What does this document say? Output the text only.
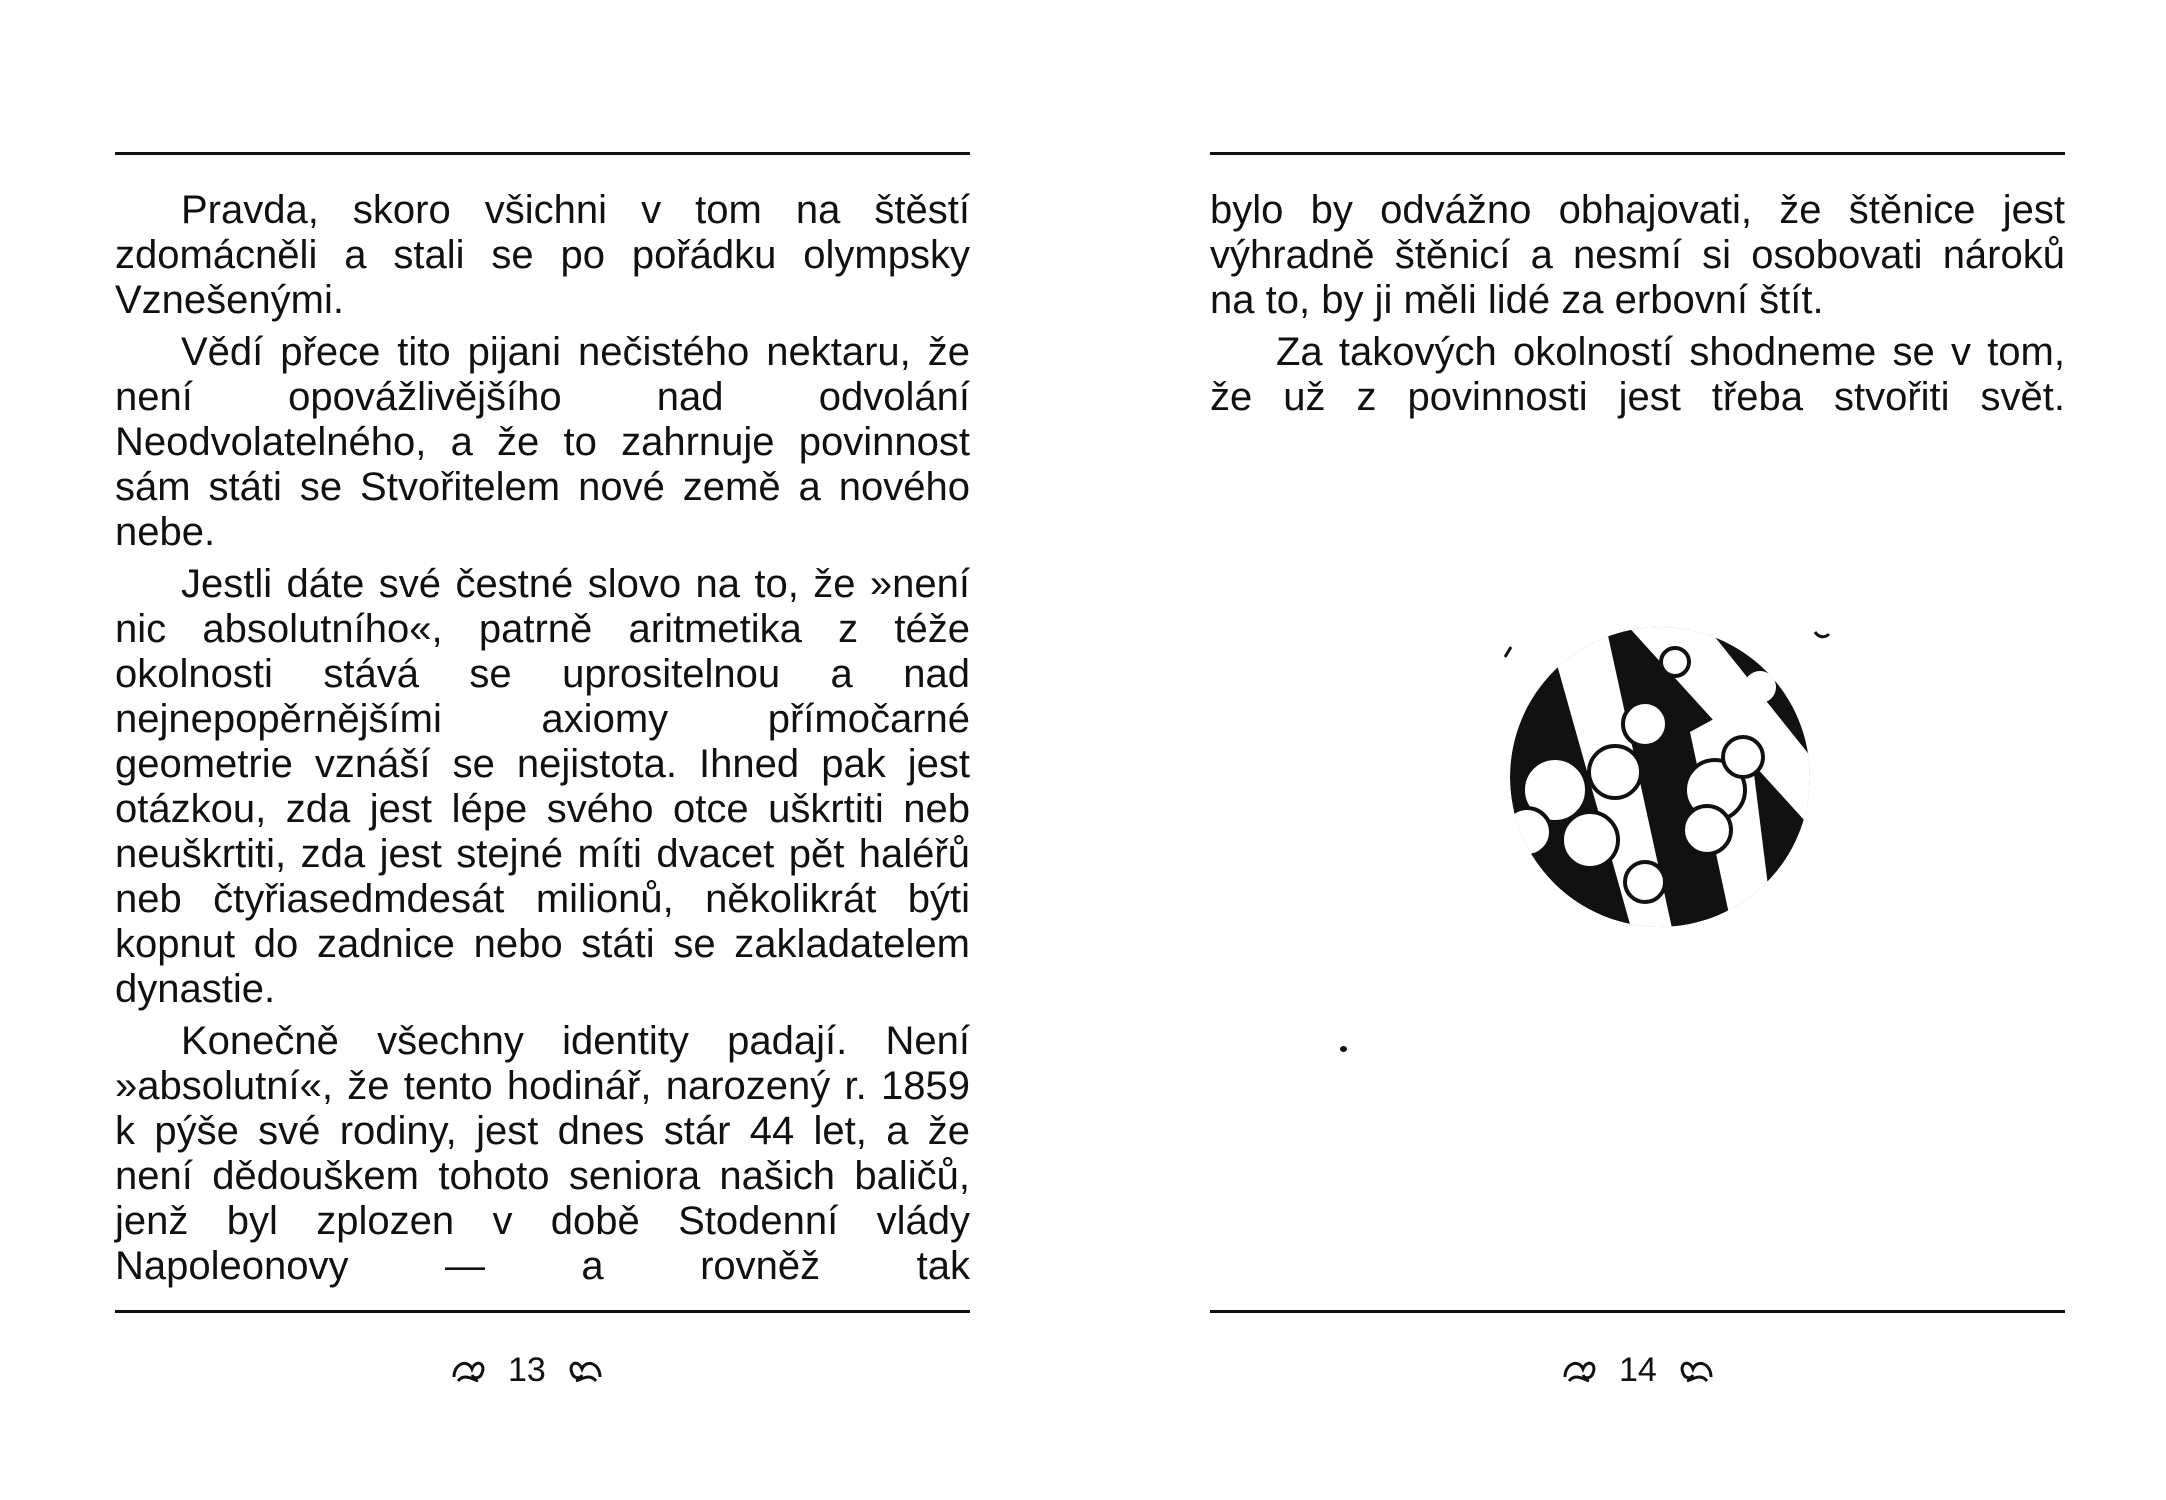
Pravda, skoro všichni v tom na štěstí zdomácněli a stali se po pořádku olympsky Vznešenými.

Vědí přece tito pijani nečistého nektaru, že není opovážlivějšího nad odvolání Neodvolatelného, a že to zahrnuje povinnost sám státi se Stvořitelem nové země a nového nebe.

Jestli dáte své čestné slovo na to, že »není nic absolutního«, patrně aritmetika z téže okolnosti stává se uprositelnou a nad nejnepopěrnějšími axiomy přímočarné geometrie vznáší se nejistota. Ihned pak jest otázkou, zda jest lépe svého otce uškrtiti neb neuškrtiti, zda jest stejné míti dvacet pět haléřů neb čtyřiasedmdesát milionů, několikrát býti kopnut do zadnice nebo státi se zakladatelem dynastie.

Konečně všechny identity padají. Není »absolutní«, že tento hodinář, narozený r. 1859 k pýše své rodiny, jest dnes stár 44 let, a že není dědouškem tohoto seniora našich baličů, jenž byl zplozen v době Stodenní vlády Napoleonovy — a rovněž tak

13

bylo by odvážno obhajovati, že štěnice jest výhradně štěnicí a nesmí si osobovati nároků na to, by ji měli lidé za erbovní štít.

Za takových okolností shodneme se v tom, že už z povinnosti jest třeba stvořiti svět.

14
